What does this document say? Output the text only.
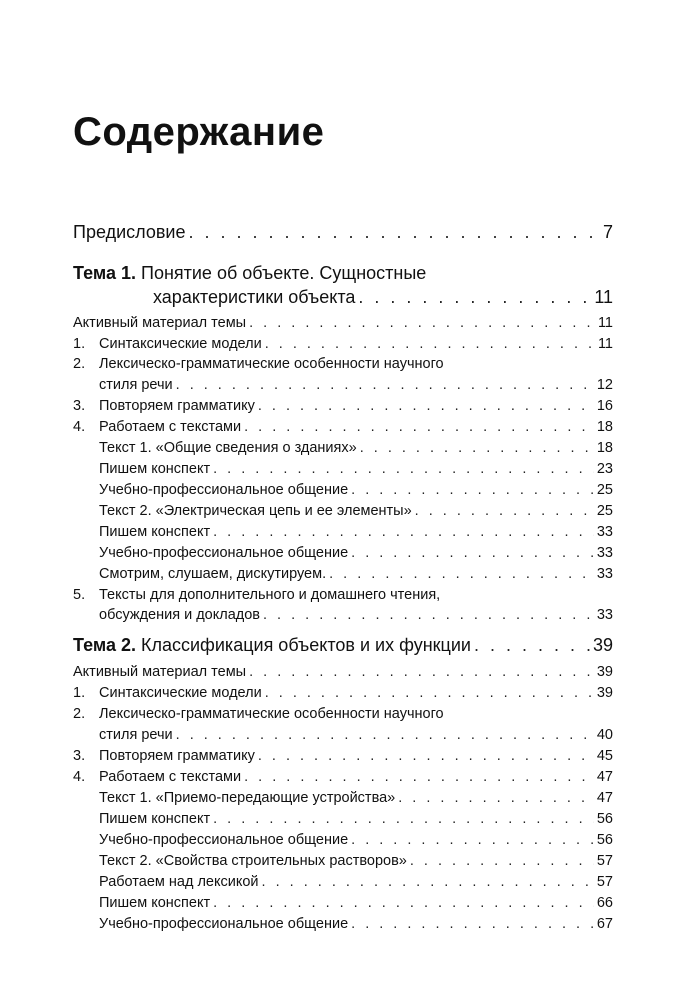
Содержание
Предисловие . . .	7
Тема 1. Понятие об объекте. Сущностные
характеристики объекта . . .	11
Активный материал темы . . .	11
1. Синтаксические модели . . .	11
2. Лексическо-грамматические особенности научного
стиля речи . . .	12
3. Повторяем грамматику . . .	16
4. Работаем с текстами . . .	18
Текст 1. «Общие сведения о зданиях» . . .	18
Пишем конспект . . .	23
Учебно-профессиональное общение . . .	25
Текст 2. «Электрическая цепь и ее элементы» . . .	25
Пишем конспект . . .	33
Учебно-профессиональное общение . . .	33
Смотрим, слушаем, дискутируем. . . .	33
5. Тексты для дополнительного и домашнего чтения,
обсуждения и докладов . . .	33
Тема 2. Классификация объектов и их функции . . .	39
Активный материал темы . . .	39
1. Синтаксические модели . . .	39
2. Лексическо-грамматические особенности научного
стиля речи . . .	40
3. Повторяем грамматику . . .	45
4. Работаем с текстами . . .	47
Текст 1. «Приемо-передающие устройства» . . .	47
Пишем конспект . . .	56
Учебно-профессиональное общение . . .	56
Текст 2. «Свойства строительных растворов» . . .	57
Работаем над лексикой . . .	57
Пишем конспект . . .	66
Учебно-профессиональное общение . . .	67
